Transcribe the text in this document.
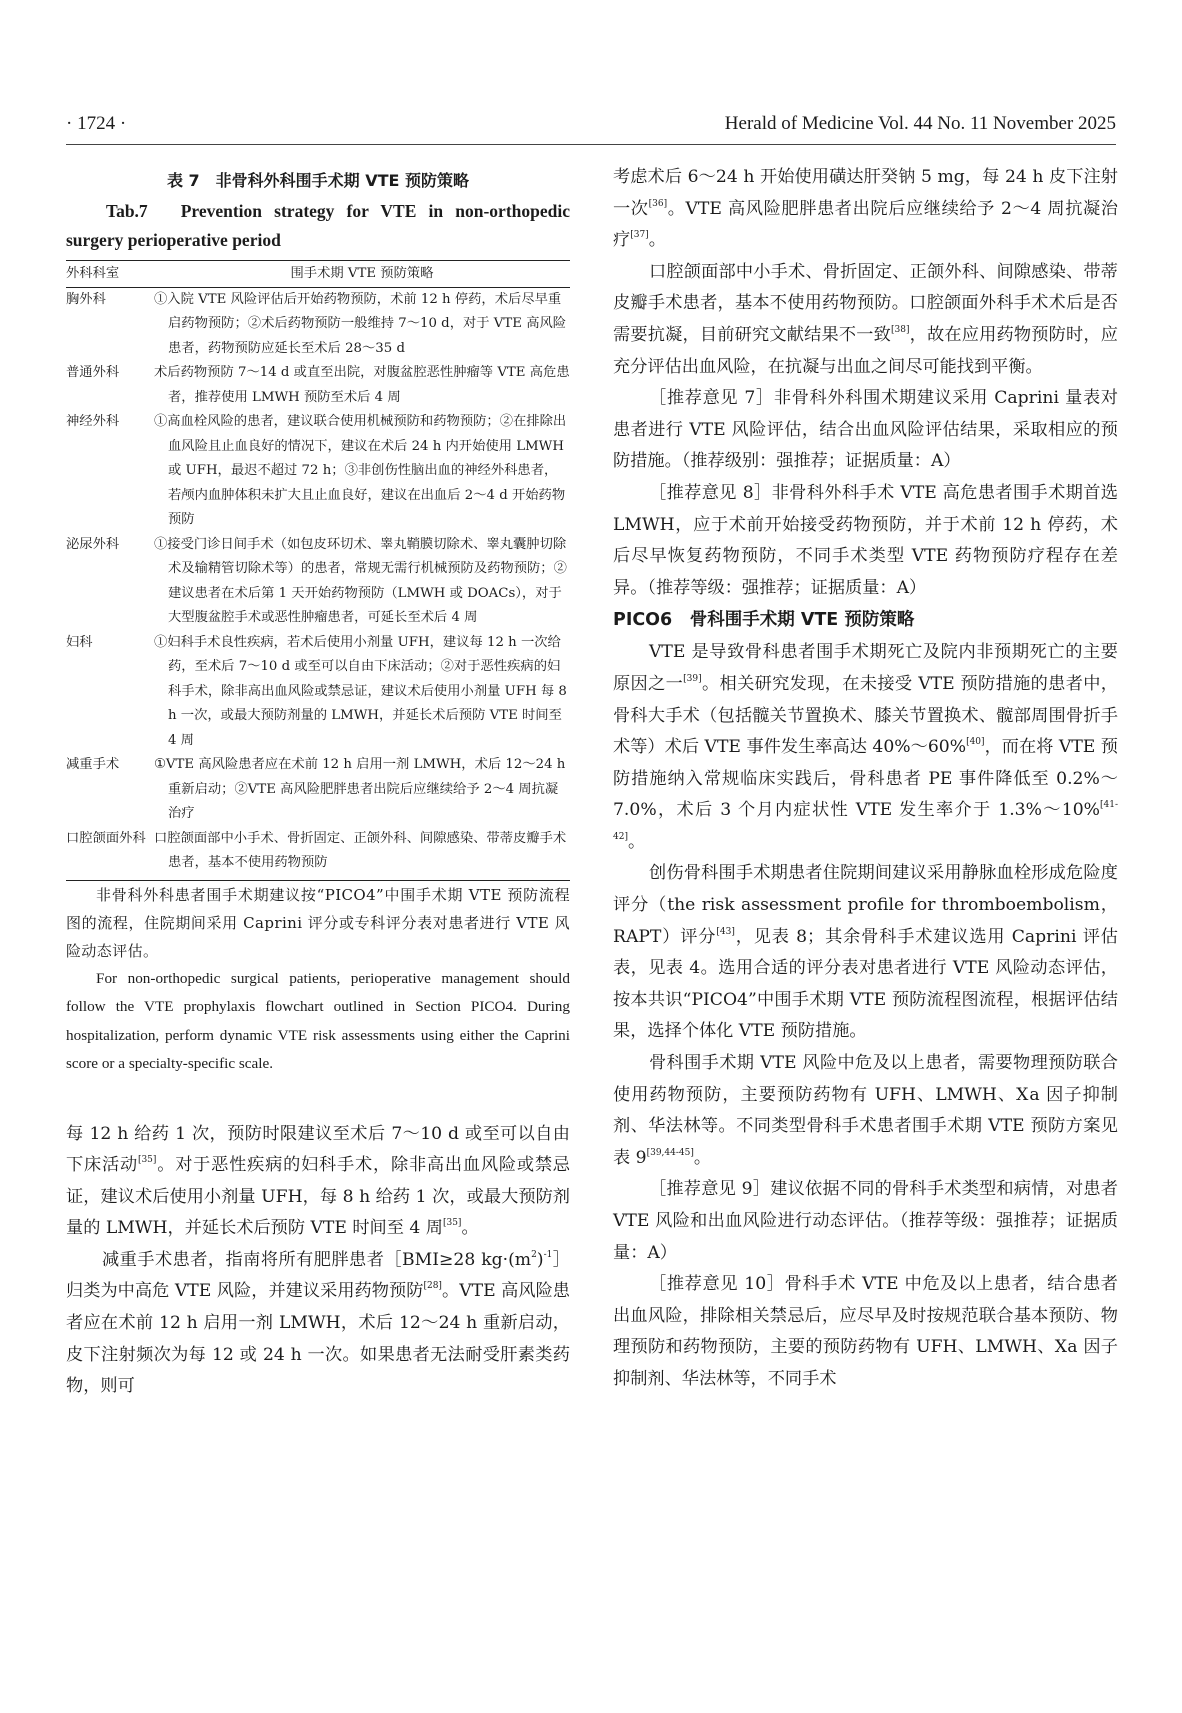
· 1724 ·	Herald of Medicine Vol. 44 No. 11 November 2025
表 7　非骨科外科围手术期 VTE 预防策略
Tab.7　Prevention strategy for VTE in non-orthopedic surgery perioperative period
外科科室	围手术期 VTE 预防策略
胸外科	①入院 VTE 风险评估后开始药物预防，术前 12 h 停药，术后尽早重启药物预防；②术后药物预防一般维持 7～10 d，对于 VTE 高风险患者，药物预防应延长至术后 28～35 d

普通外科	术后药物预防 7～14 d 或直至出院，对腹盆腔恶性肿瘤等 VTE 高危患者，推荐使用 LMWH 预防至术后 4 周

神经外科	①高血栓风险的患者，建议联合使用机械预防和药物预防；②在排除出血风险且止血良好的情况下，建议在术后 24 h 内开始使用 LMWH 或 UFH，最迟不超过 72 h；③非创伤性脑出血的神经外科患者，若颅内血肿体积未扩大且止血良好，建议在出血后 2～4 d 开始药物预防

泌尿外科	①接受门诊日间手术（如包皮环切术、睾丸鞘膜切除术、睾丸囊肿切除术及输精管切除术等）的患者，常规无需行机械预防及药物预防；②建议患者在术后第 1 天开始药物预防（LMWH 或 DOACs），对于大型腹盆腔手术或恶性肿瘤患者，可延长至术后 4 周

妇科	①妇科手术良性疾病，若术后使用小剂量 UFH，建议每 12 h 一次给药，至术后 7～10 d 或至可以自由下床活动；②对于恶性疾病的妇科手术，除非高出血风险或禁忌证，建议术后使用小剂量 UFH 每 8 h 一次，或最大预防剂量的 LMWH，并延长术后预防 VTE 时间至 4 周

减重手术	①VTE 高风险患者应在术前 12 h 启用一剂 LMWH，术后 12～24 h 重新启动；②VTE 高风险肥胖患者出院后应继续给予 2～4 周抗凝治疗

口腔颌面外科	口腔颌面部中小手术、骨折固定、正颌外科、间隙感染、带蒂皮瓣手术患者，基本不使用药物预防

非骨科外科患者围手术期建议按“PICO4”中围手术期 VTE 预防流程图的流程，住院期间采用 Caprini 评分或专科评分表对患者进行 VTE 风险动态评估。

For non-orthopedic surgical patients, perioperative management should follow the VTE prophylaxis flowchart outlined in Section PICO4. During hospitalization, perform dynamic VTE risk assessments using either the Caprini score or a specialty-specific scale.

每 12 h 给药 1 次，预防时限建议至术后 7～10 d 或至可以自由下床活动[35]。对于恶性疾病的妇科手术，除非高出血风险或禁忌证，建议术后使用小剂量 UFH，每 8 h 给药 1 次，或最大预防剂量的 LMWH，并延长术后预防 VTE 时间至 4 周[35]。

减重手术患者，指南将所有肥胖患者［BMI≥28 $kg\cdot(m^2)^{-1}]$归类为中高危 VTE 风险，并建议采用药物预防[28]。VTE 高风险患者应在术前 12 h 启用一剂 LMWH，术后 12～24 h 重新启动，皮下注射频次为每 12 或 24 h 一次。如果患者无法耐受肝素类药物，则可

考虑术后 6～24 h 开始使用磺达肝癸钠 5 mg，每 24 h 皮下注射一次[36]。VTE 高风险肥胖患者出院后应继续给予 2～4 周抗凝治疗[37]。

口腔颌面部中小手术、骨折固定、正颌外科、间隙感染、带蒂皮瓣手术患者，基本不使用药物预防。口腔颌面外科手术术后是否需要抗凝，目前研究文献结果不一致[38]，故在应用药物预防时，应充分评估出血风险，在抗凝与出血之间尽可能找到平衡。

［推荐意见 7］非骨科外科围术期建议采用 Caprini 量表对患者进行 VTE 风险评估，结合出血风险评估结果，采取相应的预防措施。（推荐级别：强推荐；证据质量：A）

［推荐意见 8］非骨科外科手术 VTE 高危患者围手术期首选 LMWH，应于术前开始接受药物预防，并于术前 12 h 停药，术后尽早恢复药物预防，不同手术类型 VTE 药物预防疗程存在差异。（推荐等级：强推荐；证据质量：A）

PICO6　骨科围手术期 VTE 预防策略

VTE 是导致骨科患者围手术期死亡及院内非预期死亡的主要原因之一[39]。相关研究发现，在未接受 VTE 预防措施的患者中，骨科大手术（包括髋关节置换术、膝关节置换术、髋部周围骨折手术等）术后 VTE 事件发生率高达 40%～60%[40]，而在将 VTE 预防措施纳入常规临床实践后，骨科患者 PE 事件降低至 0.2%～7.0%，术后 3 个月内症状性 VTE 发生率介于 1.3%～10%[41-42]。

创伤骨科围手术期患者住院期间建议采用静脉血栓形成危险度评分（the risk assessment profile for thromboembolism，RAPT）评分[43]，见表 8；其余骨科手术建议选用 Caprini 评估表，见表 4。选用合适的评分表对患者进行 VTE 风险动态评估，按本共识“PICO4”中围手术期 VTE 预防流程图流程，根据评估结果，选择个体化 VTE 预防措施。

骨科围手术期 VTE 风险中危及以上患者，需要物理预防联合使用药物预防，主要预防药物有 UFH、LMWH、Ⅹa 因子抑制剂、华法林等。不同类型骨科手术患者围手术期 VTE 预防方案见表 9[39,44-45]。

［推荐意见 9］建议依据不同的骨科手术类型和病情，对患者 VTE 风险和出血风险进行动态评估。（推荐等级：强推荐；证据质量：A）

［推荐意见 10］骨科手术 VTE 中危及以上患者，结合患者出血风险，排除相关禁忌后，应尽早及时按规范联合基本预防、物理预防和药物预防，主要的预防药物有 UFH、LMWH、Ⅹa 因子抑制剂、华法林等，不同手术
